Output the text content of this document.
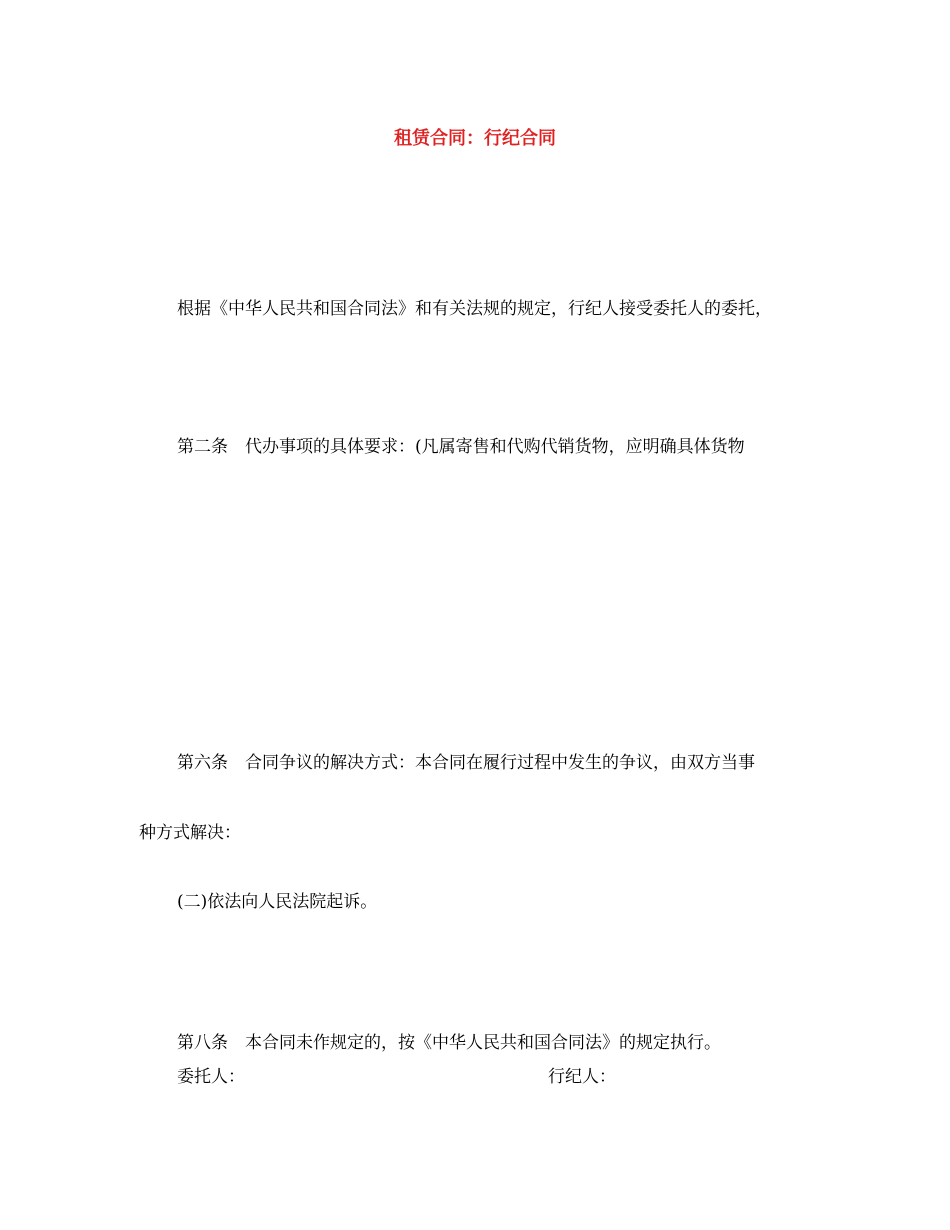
租赁合同：行纪合同

根据《中华人民共和国合同法》和有关法规的规定，行纪人接受委托人的委托，

第二条　代办事项的具体要求：(凡属寄售和代购代销货物，应明确具体货物

第六条　合同争议的解决方式：本合同在履行过程中发生的争议，由双方当事

种方式解决：

(二)依法向人民法院起诉。

第八条　本合同未作规定的，按《中华人民共和国合同法》的规定执行。
委托人：	行纪人：
